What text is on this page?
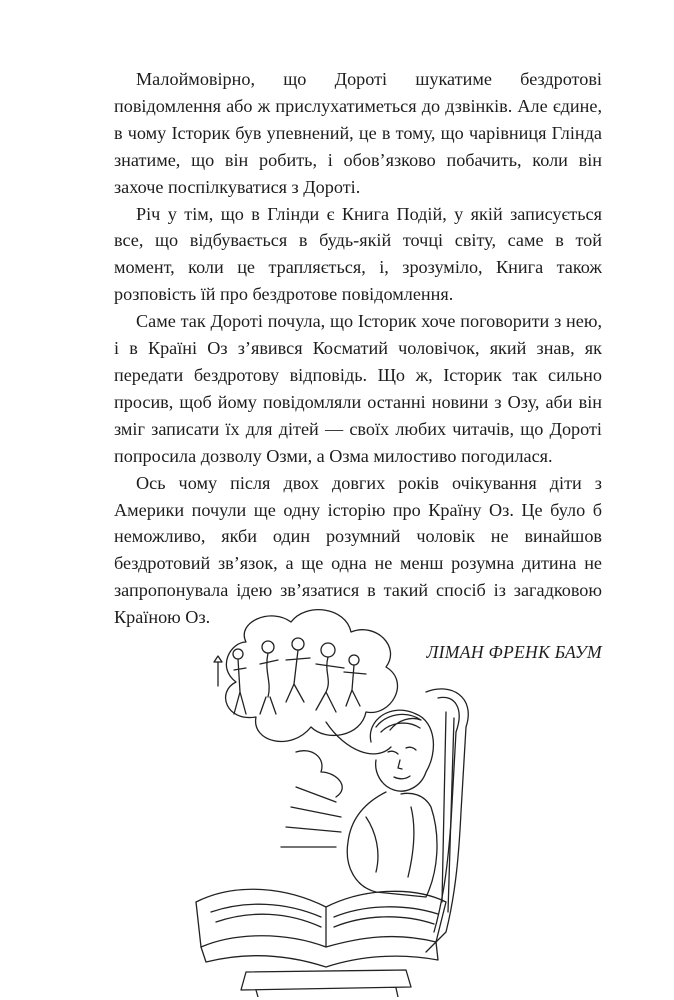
Малоймовірно, що Дороті шукатиме бездротові повідомлення або ж прислухатиметься до дзвінків. Але єдине, в чому Історик був упевнений, це в тому, що чарівниця Глінда знатиме, що він робить, і обов’язково побачить, коли він захоче поспілкуватися з Дороті.

Річ у тім, що в Глінди є Книга Подій, у якій записується все, що відбувається в будь-якій точці світу, саме в той момент, коли це трапляється, і, зрозуміло, Книга також розповість їй про бездротове повідомлення.

Саме так Дороті почула, що Історик хоче поговорити з нею, і в Країні Оз з’явився Косматий чоловічок, який знав, як передати бездротову відповідь. Що ж, Історик так сильно просив, щоб йому повідомляли останні новини з Озу, аби він зміг записати їх для дітей — своїх любих читачів, що Дороті попросила дозволу Озми, а Озма милостиво погодилася.

Ось чому після двох довгих років очікування діти з Америки почули ще одну історію про Країну Оз. Це було б неможливо, якби один розумний чоловік не винайшов бездротовий зв’язок, а ще одна не менш розумна дитина не запропонувала ідею зв’язатися в такий спосіб із загадковою Країною Оз.

ЛІМАН ФРЕНК БАУМ
